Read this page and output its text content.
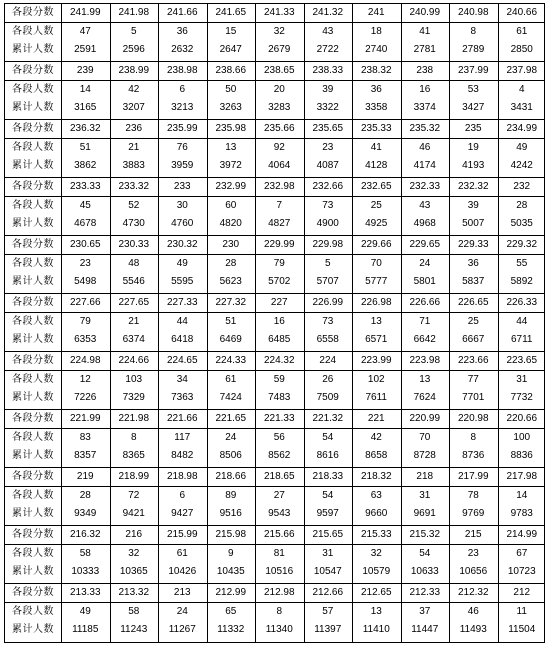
各段分数
各段人数
累计人数
241.99
47
2591
241.98
5
2596
241.66
36
2632
241.65
15
2647
241.33
32
2679
241.32
43
2722
241
18
2740
240.99
41
2781
240.98
8
2789
240.66
61
2850
各段分数
各段人数
累计人数
239
14
3165
238.99
42
3207
238.98
6
3213
238.66
50
3263
238.65
20
3283
238.33
39
3322
238.32
36
3358
238
16
3374
237.99
53
3427
237.98
4
3431
各段分数
各段人数
累计人数
236.32
51
3862
236
21
3883
235.99
76
3959
235.98
13
3972
235.66
92
4064
235.65
23
4087
235.33
41
4128
235.32
46
4174
235
19
4193
234.99
49
4242
各段分数
各段人数
累计人数
233.33
45
4678
233.32
52
4730
233
30
4760
232.99
60
4820
232.98
7
4827
232.66
73
4900
232.65
25
4925
232.33
43
4968
232.32
39
5007
232
28
5035
各段分数
各段人数
累计人数
230.65
23
5498
230.33
48
5546
230.32
49
5595
230
28
5623
229.99
79
5702
229.98
5
5707
229.66
70
5777
229.65
24
5801
229.33
36
5837
229.32
55
5892
各段分数
各段人数
累计人数
227.66
79
6353
227.65
21
6374
227.33
44
6418
227.32
51
6469
227
16
6485
226.99
73
6558
226.98
13
6571
226.66
71
6642
226.65
25
6667
226.33
44
6711
各段分数
各段人数
累计人数
224.98
12
7226
224.66
103
7329
224.65
34
7363
224.33
61
7424
224.32
59
7483
224
26
7509
223.99
102
7611
223.98
13
7624
223.66
77
7701
223.65
31
7732
各段分数
各段人数
累计人数
221.99
83
8357
221.98
8
8365
221.66
117
8482
221.65
24
8506
221.33
56
8562
221.32
54
8616
221
42
8658
220.99
70
8728
220.98
8
8736
220.66
100
8836
各段分数
各段人数
累计人数
219
28
9349
218.99
72
9421
218.98
6
9427
218.66
89
9516
218.65
27
9543
218.33
54
9597
218.32
63
9660
218
31
9691
217.99
78
9769
217.98
14
9783
各段分数
各段人数
累计人数
216.32
58
10333
216
32
10365
215.99
61
10426
215.98
9
10435
215.66
81
10516
215.65
31
10547
215.33
32
10579
215.32
54
10633
215
23
10656
214.99
67
10723
各段分数
各段人数
累计人数
213.33
49
11185
213.32
58
11243
213
24
11267
212.99
65
11332
212.98
8
11340
212.66
57
11397
212.65
13
11410
212.33
37
11447
212.32
46
11493
212
11
11504
